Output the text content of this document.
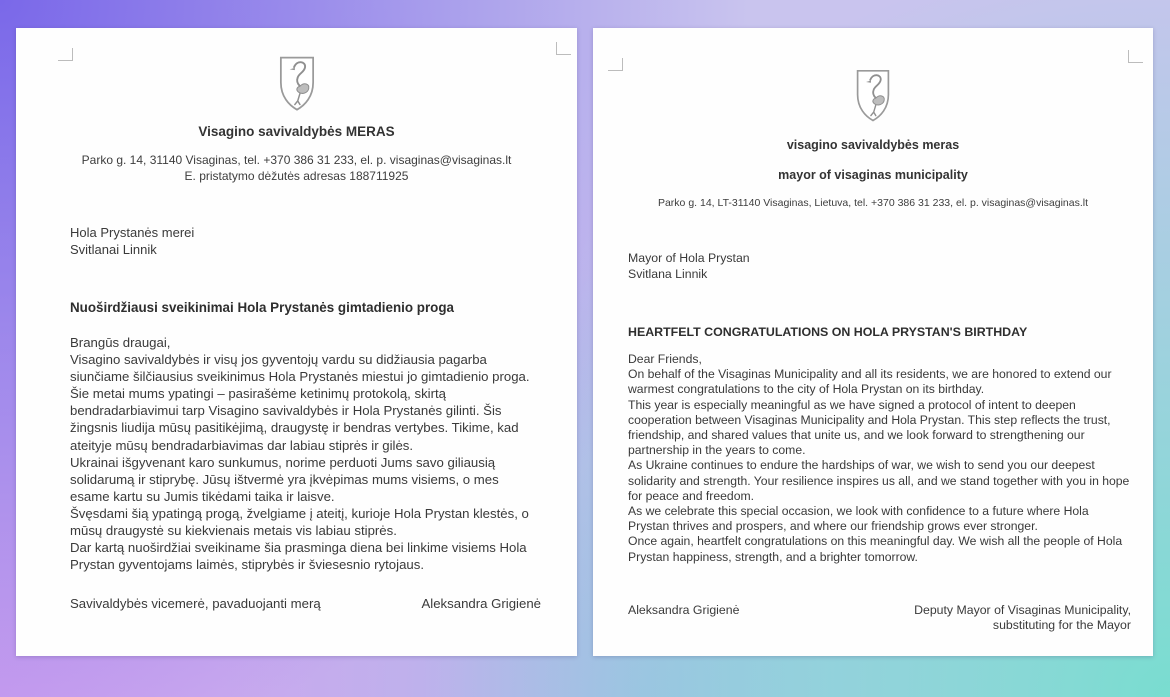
Visagino savivaldybės MERAS
Parko g. 14, 31140 Visaginas, tel. +370 386 31 233, el. p. visaginas@visaginas.lt
E. pristatymo dėžutės adresas 188711925
Hola Prystanės merei
Svitlanai Linnik
Nuoširdžiausi sveikinimai Hola Prystanės gimtadienio proga

Brangūs draugai,

Visagino savivaldybės ir visų jos gyventojų vardu su didžiausia pagarba siunčiame šilčiausius sveikinimus Hola Prystanės miestui jo gimtadienio proga.

Šie metai mums ypatingi – pasirašėme ketinimų protokolą, skirtą bendradarbiavimui tarp Visagino savivaldybės ir Hola Prystanės gilinti. Šis žingsnis liudija mūsų pasitikėjimą, draugystę ir bendras vertybes. Tikime, kad ateityje mūsų bendradarbiavimas dar labiau stiprės ir gilės.

Ukrainai išgyvenant karo sunkumus, norime perduoti Jums savo giliausią solidarumą ir stiprybę. Jūsų ištvermė yra įkvėpimas mums visiems, o mes esame kartu su Jumis tikėdami taika ir laisve.

Švęsdami šią ypatingą progą, žvelgiame į ateitį, kurioje Hola Prystan klestės, o mūsų draugystė su kiekvienais metais vis labiau stiprės.

Dar kartą nuoširdžiai sveikiname šia prasminga diena bei linkime visiems Hola Prystan gyventojams laimės, stiprybės ir šviesesnio rytojaus.

Savivaldybės vicemerė, pavaduojanti merą	Aleksandra Grigienė
visagino savivaldybės meras
mayor of visaginas municipality
Parko g. 14, LT-31140 Visaginas, Lietuva, tel. +370 386 31 233, el. p. visaginas@visaginas.lt
Mayor of Hola Prystan
Svitlana Linnik
HEARTFELT CONGRATULATIONS ON HOLA PRYSTAN'S BIRTHDAY

Dear Friends,

On behalf of the Visaginas Municipality and all its residents, we are honored to extend our warmest congratulations to the city of Hola Prystan on its birthday.

This year is especially meaningful as we have signed a protocol of intent to deepen cooperation between Visaginas Municipality and Hola Prystan. This step reflects the trust, friendship, and shared values that unite us, and we look forward to strengthening our partnership in the years to come.

As Ukraine continues to endure the hardships of war, we wish to send you our deepest solidarity and strength. Your resilience inspires us all, and we stand together with you in hope for peace and freedom.

As we celebrate this special occasion, we look with confidence to a future where Hola Prystan thrives and prospers, and where our friendship grows ever stronger.

Once again, heartfelt congratulations on this meaningful day. We wish all the people of Hola Prystan happiness, strength, and a brighter tomorrow.

Aleksandra Grigienė	Deputy Mayor of Visaginas Municipality,
substituting for the Mayor
